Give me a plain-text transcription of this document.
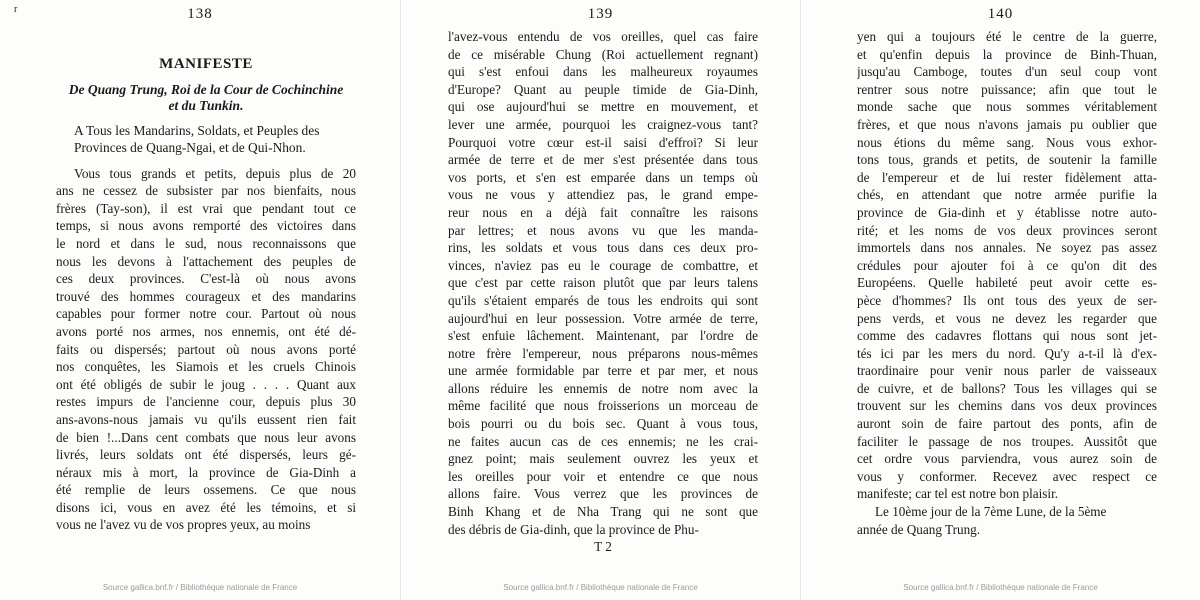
r	138
MANIFESTE
De Quang Trung, Roi de la Cour de Cochinchine
et du Tunkin.
A Tous les Mandarins, Soldats, et Peuples des
Provinces de Quang-Ngai, et de Qui-Nhon.
Vous tous grands et petits, depuis plus de 20
ans ne cessez de subsister par nos bienfaits, nous
frères (Tay-son), il est vrai que pendant tout ce
temps, si nous avons remporté des victoires dans
le nord et dans le sud, nous reconnaissons que
nous les devons à l'attachement des peuples de
ces deux provinces. C'est-là où nous avons
trouvé des hommes courageux et des mandarins
capables pour former notre cour. Partout où nous
avons porté nos armes, nos ennemis, ont été dé-
faits ou dispersés; partout où nous avons porté
nos conquêtes, les Siamois et les cruels Chinois
ont été obligés de subir le joug . . . . Quant aux
restes impurs de l'ancienne cour, depuis plus 30
ans-avons-nous jamais vu qu'ils eussent rien fait
de bien !...Dans cent combats que nous leur avons
livrés, leurs soldats ont été dispersés, leurs gé-
néraux mis à mort, la province de Gia-Dinh a
été remplie de leurs ossemens. Ce que nous
disons ici, vous en avez été les témoins, et si
vous ne l'avez vu de vos propres yeux, au moins
Source gallica.bnf.fr / Bibliothèque nationale de France
139
l'avez-vous entendu de vos oreilles, quel cas faire
de ce misérable Chung (Roi actuellement regnant)
qui s'est enfoui dans les malheureux royaumes
d'Europe? Quant au peuple timide de Gia-Dinh,
qui ose aujourd'hui se mettre en mouvement, et
lever une armée, pourquoi les craignez-vous tant?
Pourquoi votre cœur est-il saisi d'effroi? Si leur
armée de terre et de mer s'est présentée dans tous
vos ports, et s'en est emparée dans un temps où
vous ne vous y attendiez pas, le grand empe-
reur nous en a déjà fait connaître les raisons
par lettres; et nous avons vu que les manda-
rins, les soldats et vous tous dans ces deux pro-
vinces, n'aviez pas eu le courage de combattre, et
que c'est par cette raison plutôt que par leurs talens
qu'ils s'étaient emparés de tous les endroits qui sont
aujourd'hui en leur possession. Votre armée de terre,
s'est enfuie lâchement. Maintenant, par l'ordre de
notre frère l'empereur, nous préparons nous-mêmes
une armée formidable par terre et par mer, et nous
allons réduire les ennemis de notre nom avec la
même facilité que nous froisserions un morceau de
bois pourri ou du bois sec. Quant à vous tous,
ne faites aucun cas de ces ennemis; ne les crai-
gnez point; mais seulement ouvrez les yeux et
les oreilles pour voir et entendre ce que nous
allons faire. Vous verrez que les provinces de
Binh Khang et de Nha Trang qui ne sont que
des débris de Gia-dinh, que la province de Phu-
T 2
Source gallica.bnf.fr / Bibliothèque nationale de France
140
yen qui a toujours été le centre de la guerre,
et qu'enfin depuis la province de Binh-Thuan,
jusqu'au Camboge, toutes d'un seul coup vont
rentrer sous notre puissance; afin que tout le
monde sache que nous sommes véritablement
frères, et que nous n'avons jamais pu oublier que
nous étions du même sang. Nous vous exhor-
tons tous, grands et petits, de soutenir la famille
de l'empereur et de lui rester fidèlement atta-
chés, en attendant que notre armée purifie la
province de Gia-dinh et y établisse notre auto-
rité; et les noms de vos deux provinces seront
immortels dans nos annales. Ne soyez pas assez
crédules pour ajouter foi à ce qu'on dit des
Européens. Quelle habileté peut avoir cette es-
pèce d'hommes? Ils ont tous des yeux de ser-
pens verds, et vous ne devez les regarder que
comme des cadavres flottans qui nous sont jet-
tés ici par les mers du nord. Qu'y a-t-il là d'ex-
traordinaire pour venir nous parler de vaisseaux
de cuivre, et de ballons? Tous les villages qui se
trouvent sur les chemins dans vos deux provinces
auront soin de faire partout des ponts, afin de
faciliter le passage de nos troupes. Aussitôt que
cet ordre vous parviendra, vous aurez soin de
vous y conformer. Recevez avec respect ce
manifeste; car tel est notre bon plaisir.
Le 10ème jour de la 7ème Lune, de la 5ème
année de Quang Trung.
Source gallica.bnf.fr / Bibliothèque nationale de France
